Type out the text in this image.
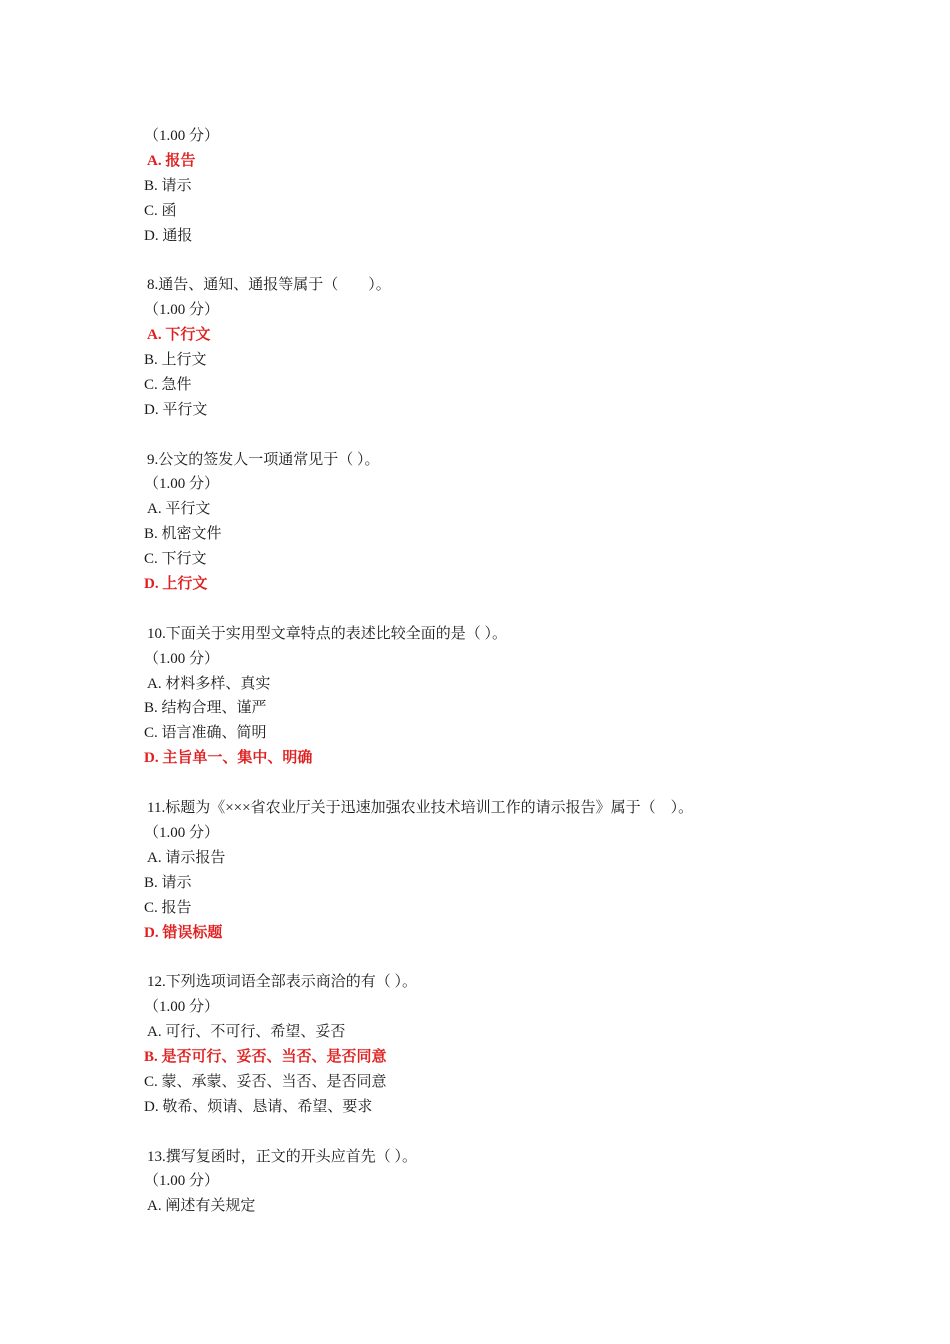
（1.00 分）
A. 报告
B. 请示
C. 函
D. 通报
8.通告、通知、通报等属于（　　）。
（1.00 分）
A. 下行文
B. 上行文
C. 急件
D. 平行文
9.公文的签发人一项通常见于（ ）。
（1.00 分）
A. 平行文
B. 机密文件
C. 下行文
D. 上行文
10.下面关于实用型文章特点的表述比较全面的是（ ）。
（1.00 分）
A. 材料多样、真实
B. 结构合理、谨严
C. 语言准确、简明
D. 主旨单一、集中、明确
11.标题为《×××省农业厅关于迅速加强农业技术培训工作的请示报告》属于（　）。
（1.00 分）
A. 请示报告
B. 请示
C. 报告
D. 错误标题
12.下列选项词语全部表示商洽的有（ ）。
（1.00 分）
A. 可行、不可行、希望、妥否
B. 是否可行、妥否、当否、是否同意
C. 蒙、承蒙、妥否、当否、是否同意
D. 敬希、烦请、恳请、希望、要求
13.撰写复函时，正文的开头应首先（ ）。
（1.00 分）
A. 阐述有关规定
